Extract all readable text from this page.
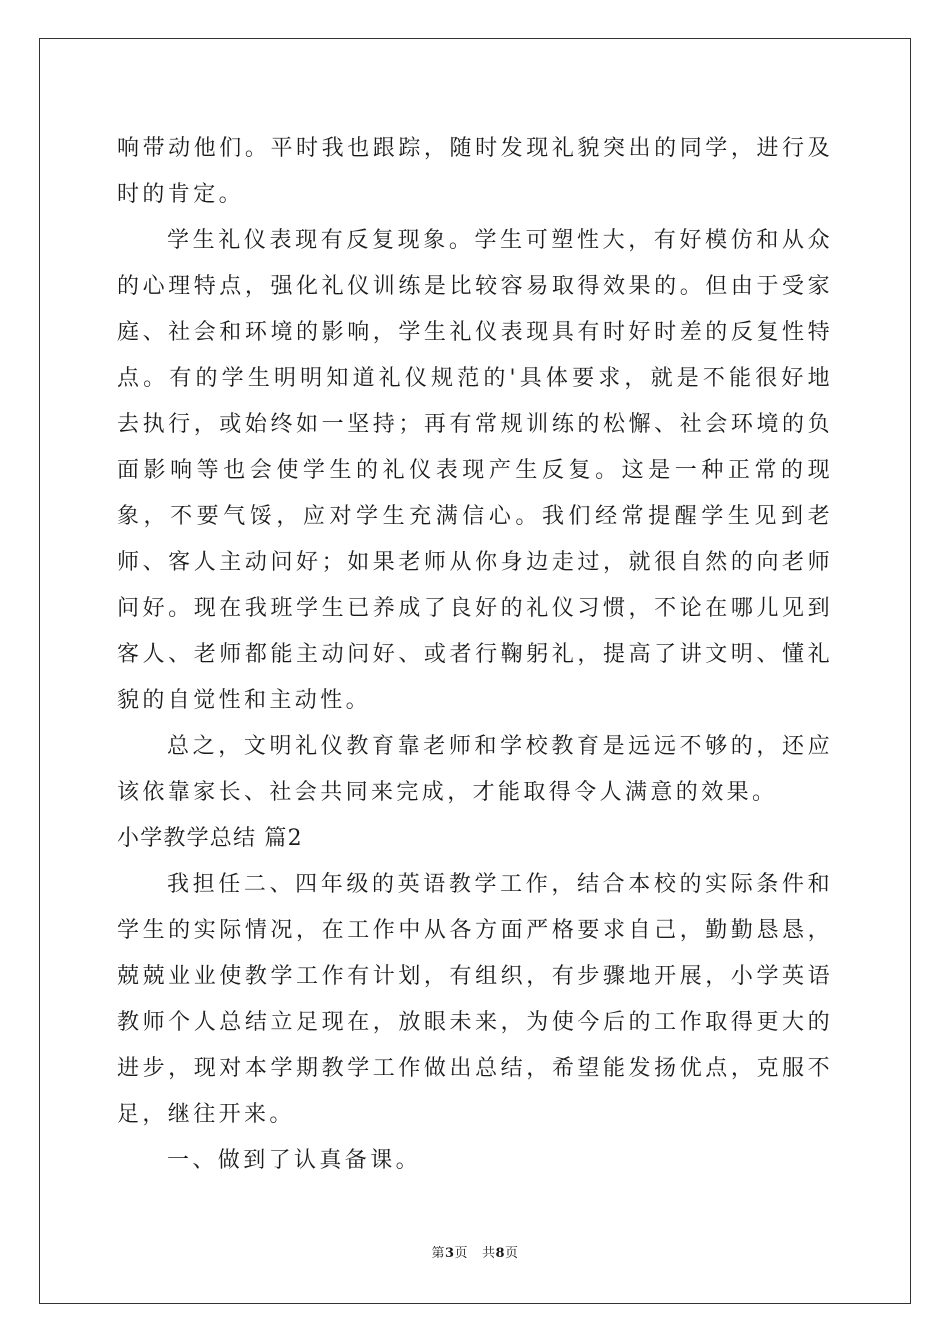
响带动他们。平时我也跟踪，随时发现礼貌突出的同学，进行及时的肯定。

学生礼仪表现有反复现象。学生可塑性大，有好模仿和从众的心理特点，强化礼仪训练是比较容易取得效果的。但由于受家庭、社会和环境的影响，学生礼仪表现具有时好时差的反复性特点。有的学生明明知道礼仪规范的'具体要求，就是不能很好地去执行，或始终如一坚持；再有常规训练的松懈、社会环境的负面影响等也会使学生的礼仪表现产生反复。这是一种正常的现象，不要气馁，应对学生充满信心。我们经常提醒学生见到老师、客人主动问好；如果老师从你身边走过，就很自然的向老师问好。现在我班学生已养成了良好的礼仪习惯，不论在哪儿见到客人、老师都能主动问好、或者行鞠躬礼，提高了讲文明、懂礼貌的自觉性和主动性。

总之，文明礼仪教育靠老师和学校教育是远远不够的，还应该依靠家长、社会共同来完成，才能取得令人满意的效果。

小学教学总结 篇2

我担任二、四年级的英语教学工作，结合本校的实际条件和学生的实际情况，在工作中从各方面严格要求自己，勤勤恳恳，兢兢业业使教学工作有计划，有组织，有步骤地开展，小学英语教师个人总结立足现在，放眼未来，为使今后的工作取得更大的进步，现对本学期教学工作做出总结，希望能发扬优点，克服不足，继往开来。

一、做到了认真备课。

第3页 共8页
